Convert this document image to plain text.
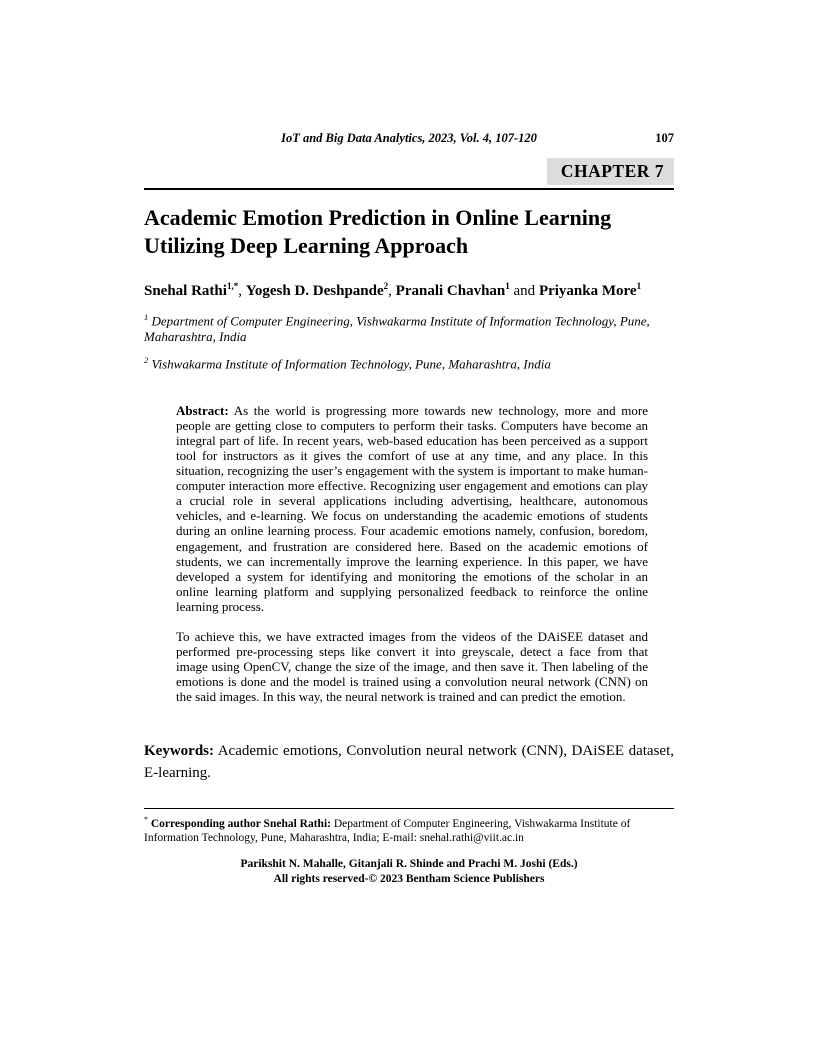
IoT and Big Data Analytics, 2023, Vol. 4, 107-120	107
CHAPTER 7
Academic Emotion Prediction in Online Learning Utilizing Deep Learning Approach
Snehal Rathi$^{1,*}$, Yogesh D. Deshpande$^2$, Pranali Chavhan$^1$ and Priyanka More$^1$
$^1$ Department of Computer Engineering, Vishwakarma Institute of Information Technology, Pune, Maharashtra, India
$^2$ Vishwakarma Institute of Information Technology, Pune, Maharashtra, India

Abstract: As the world is progressing more towards new technology, more and more people are getting close to computers to perform their tasks. Computers have become an integral part of life. In recent years, web-based education has been perceived as a support tool for instructors as it gives the comfort of use at any time, and any place. In this situation, recognizing the user’s engagement with the system is important to make human-computer interaction more effective. Recognizing user engagement and emotions can play a crucial role in several applications including advertising, healthcare, autonomous vehicles, and e-learning. We focus on understanding the academic emotions of students during an online learning process. Four academic emotions namely, confusion, boredom, engagement, and frustration are considered here. Based on the academic emotions of students, we can incrementally improve the learning experience. In this paper, we have developed a system for identifying and monitoring the emotions of the scholar in an online learning platform and supplying personalized feedback to reinforce the online learning process.

To achieve this, we have extracted images from the videos of the DAiSEE dataset and performed pre-processing steps like convert it into greyscale, detect a face from that image using OpenCV, change the size of the image, and then save it. Then labeling of the emotions is done and the model is trained using a convolution neural network (CNN) on the said images. In this way, the neural network is trained and can predict the emotion.

Keywords: Academic emotions, Convolution neural network (CNN), DAiSEE dataset, E-learning.
* Corresponding author Snehal Rathi: Department of Computer Engineering, Vishwakarma Institute of Information Technology, Pune, Maharashtra, India; E-mail: snehal.rathi@viit.ac.in
Parikshit N. Mahalle, Gitanjali R. Shinde and Prachi M. Joshi (Eds.)
All rights reserved-© 2023 Bentham Science Publishers
